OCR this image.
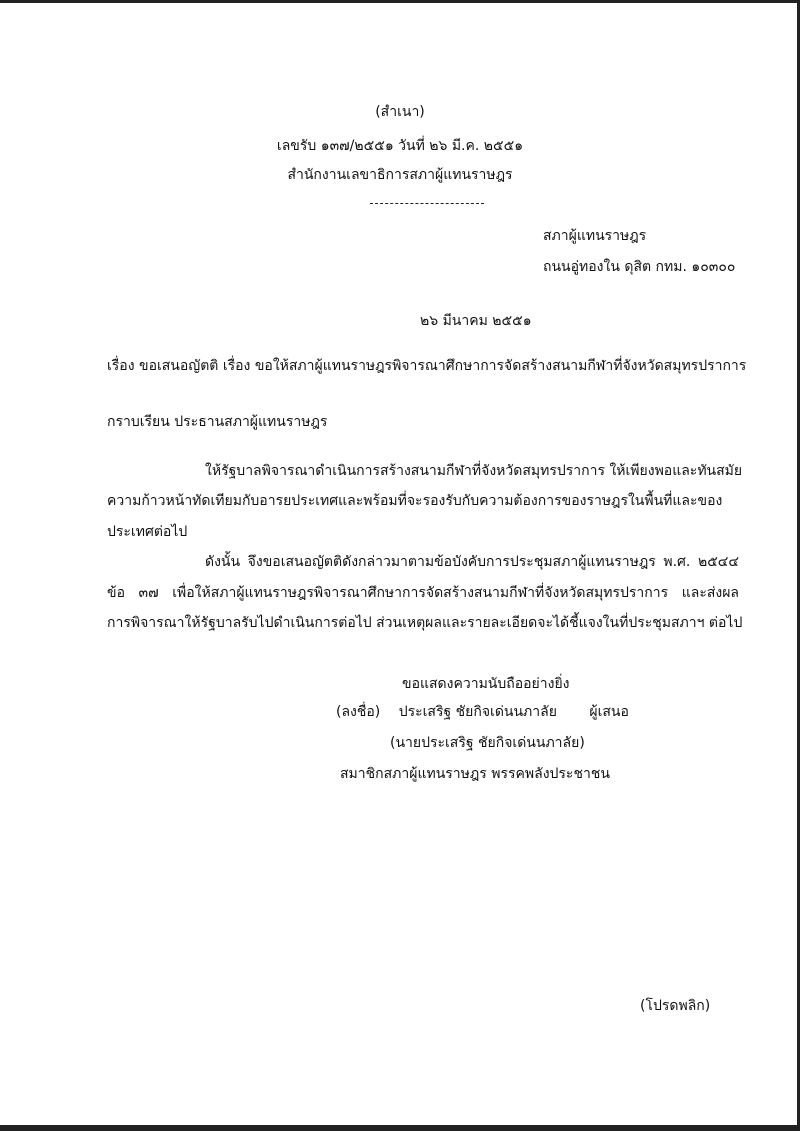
(สำเนา)
เลขรับ ๑๓๗/๒๕๕๑ วันที่ ๒๖ มี.ค. ๒๕๕๑
สำนักงานเลขาธิการสภาผู้แทนราษฎร
สภาผู้แทนราษฎร
ถนนอู่ทองใน ดุสิต กทม. ๑๐๓๐๐
๒๖ มีนาคม ๒๕๕๑
เรื่อง ขอเสนอญัตติ เรื่อง ขอให้สภาผู้แทนราษฎรพิจารณาศึกษาการจัดสร้างสนามกีฬาที่จังหวัดสมุทรปราการ
กราบเรียน ประธานสภาผู้แทนราษฎร
ให้รัฐบาลพิจารณาดำเนินการสร้างสนามกีฬาที่จังหวัดสมุทรปราการ ให้เพียงพอและทันสมัย
ความก้าวหน้าทัดเทียมกับอารยประเทศและพร้อมที่จะรองรับกับความต้องการของราษฎรในพื้นที่และของ
ประเทศต่อไป
ดังนั้น จึงขอเสนอญัตติดังกล่าวมาตามข้อบังคับการประชุมสภาผู้แทนราษฎร พ.ศ. ๒๕๔๔
ข้อ ๓๗ เพื่อให้สภาผู้แทนราษฎรพิจารณาศึกษาการจัดสร้างสนามกีฬาที่จังหวัดสมุทรปราการ และส่งผล
การพิจารณาให้รัฐบาลรับไปดำเนินการต่อไป ส่วนเหตุผลและรายละเอียดจะได้ชี้แจงในที่ประชุมสภาฯ ต่อไป
ขอแสดงความนับถืออย่างยิ่ง
(ลงชื่อ) ประเสริฐ ชัยกิจเด่นนภาลัย ผู้เสนอ
(นายประเสริฐ ชัยกิจเด่นนภาลัย)
สมาชิกสภาผู้แทนราษฎร พรรคพลังประชาชน
(โปรดพลิก)
